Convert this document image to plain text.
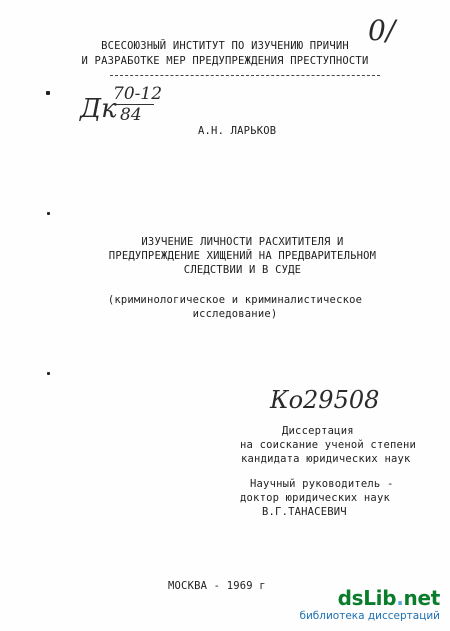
ВСЕСОЮЗНЫЙ ИНСТИТУТ ПО ИЗУЧЕНИЮ ПРИЧИН
И РАЗРАБОТКЕ МЕР ПРЕДУПРЕЖДЕНИЯ ПРЕСТУПНОСТИ
0/
Дк
70-12
84
А.Н. ЛАРЬКОВ
ИЗУЧЕНИЕ ЛИЧНОСТИ РАСХИТИТЕЛЯ И
ПРЕДУПРЕЖДЕНИЕ ХИЩЕНИЙ НА ПРЕДВАРИТЕЛЬНОМ
СЛЕДСТВИИ И В СУДЕ
(криминологическое и криминалистическое
исследование)
Ко29508
Диссертация
на соискание ученой степени
кандидата юридических наук
Научный руководитель -
доктор юридических наук
В.Г.ТАНАСЕВИЧ
МОСКВА - 1969 г	dsLib.net
библиотека диссертаций
